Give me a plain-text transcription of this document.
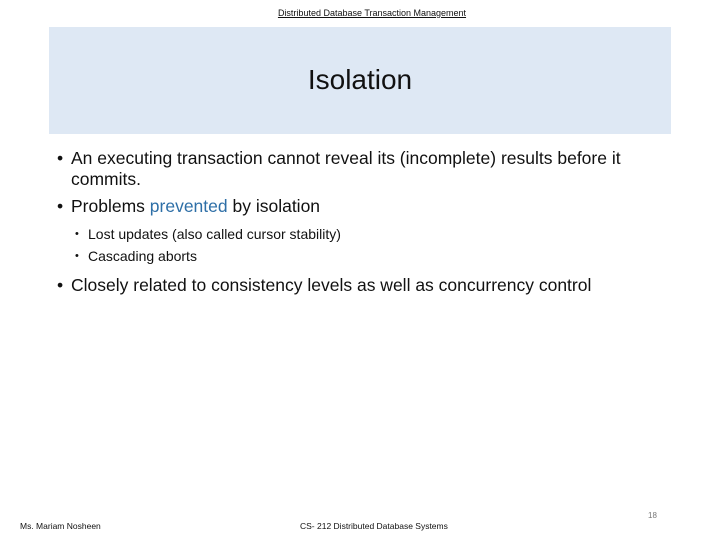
Distributed Database Transaction Management
Isolation
• An executing transaction cannot reveal its (incomplete) results before it commits.
• Problems prevented by isolation
• Lost updates (also called cursor stability)
• Cascading aborts
• Closely related to consistency levels as well as concurrency control
18
Ms. Mariam Nosheen	CS- 212 Distributed Database Systems
